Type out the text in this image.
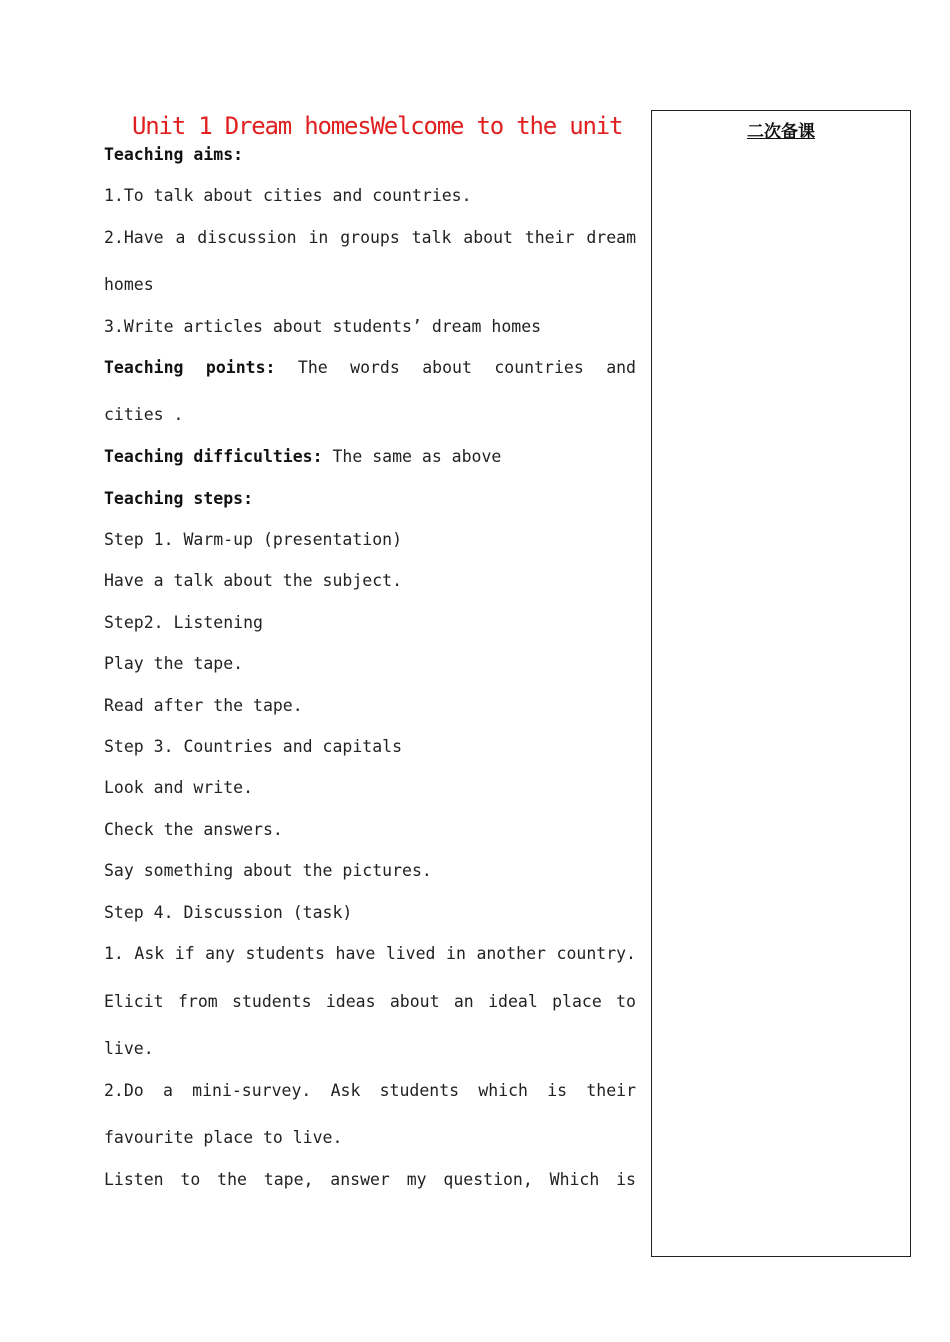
Unit 1 Dream homesWelcome to the unit	二次备课
Teaching aims:
1.To talk about cities and countries.
2.Have a discussion in groups talk about their dream
homes
3.Write articles about students’ dream homes
Teaching points: The words about countries and
cities .
Teaching difficulties: The same as above
Teaching steps:
Step 1. Warm-up (presentation)
Have a talk about the subject.
Step2. Listening
Play the tape.
Read after the tape.
Step 3. Countries and capitals
Look and write.
Check the answers.
Say something about the pictures.
Step 4. Discussion (task)
1. Ask if any students have lived in another country.
Elicit from students ideas about an ideal place to
live.
2.Do a mini-survey. Ask students which is their
favourite place to live.
Listen to the tape, answer my question, Which is
